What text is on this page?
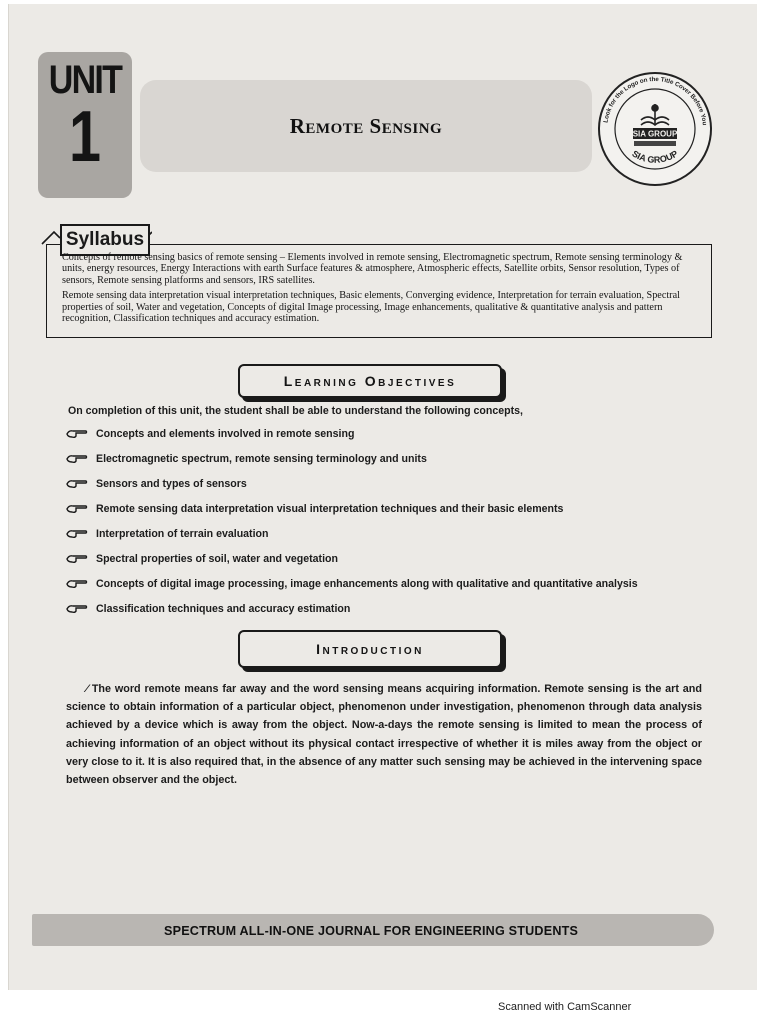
UNIT
1	Remote Sensing	Look for the Logo on the Title Cover Before You
SIA GROUP
SIA GROUP
Syllabus

Concepts of remote sensing basics of remote sensing – Elements involved in remote sensing, Electromagnetic spectrum, Remote sensing terminology & units, energy resources, Energy Interactions with earth Surface features & atmosphere, Atmospheric effects, Satellite orbits, Sensor resolution, Types of sensors, Remote sensing platforms and sensors, IRS satellites.

Remote sensing data interpretation visual interpretation techniques, Basic elements, Converging evidence, Interpretation for terrain evaluation, Spectral properties of soil, Water and vegetation, Concepts of digital Image processing, Image enhancements, qualitative & quantitative analysis and pattern recognition, Classification techniques and accuracy estimation.

Learning Objectives
On completion of this unit, the student shall be able to understand the following concepts,
Concepts and elements involved in remote sensing
Electromagnetic spectrum, remote sensing terminology and units
Sensors and types of sensors
Remote sensing data interpretation visual interpretation techniques and their basic elements
Interpretation of terrain evaluation
Spectral properties of soil, water and vegetation
Concepts of digital image processing, image enhancements along with qualitative and quantitative analysis
Classification techniques and accuracy estimation
Introduction

⁄ The word remote means far away and the word sensing means acquiring information. Remote sensing is the art and science to obtain information of a particular object, phenomenon under investigation, phenomenon through data analysis achieved by a device which is away from the object. Now-a-days the remote sensing is limited to mean the process of achieving information of an object without its physical contact irrespective of whether it is miles away from the object or very close to it. It is also required that, in the absence of any matter such sensing may be achieved in the intervening space between observer and the object.

SPECTRUM ALL-IN-ONE JOURNAL FOR ENGINEERING STUDENTS
Scanned with CamScanner
